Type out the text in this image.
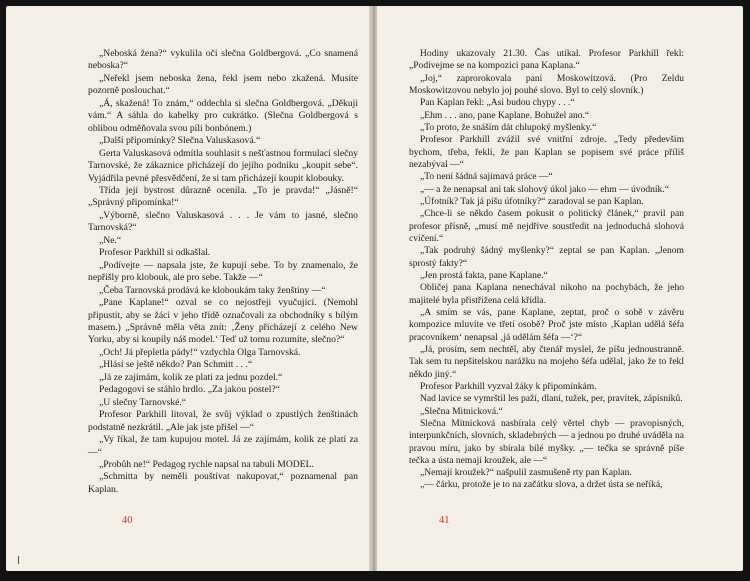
„Neboská žena?“ vykulila oči slečna Goldbergová. „Co snamená neboska?“
„Neřekl jsem neboska žena, řekl jsem nebo zkažená. Musíte pozorně poslouchat.“
„Á, skažená! To znám,“ oddechla si slečna Goldbergová. „Děkuji vám.“ A sáhla do kabelky pro cukrátko. (Slečna Goldbergová s oblibou odměňovala svou píli bonbónem.)
„Další připomínky? Slečna Valuskasová.“
Gerta Valuskasová odmítla souhlasit s nešťastnou formulací slečny Tarnovské, že zákaznice přicházejí do jejího podniku „koupit sebe“. Vyjádřila pevné přesvědčení, že si tam přicházejí koupit klobouky.
Třída její bystrost důrazně ocenila. „To je pravda!“ „Jásně!“ „Správný připomínka!“
„Výborně, slečno Valuskasová . . . Je vám to jasné, slečno Tarnovská?“
„Ne.“
Profesor Parkhill si odkašlal.
„Podívejte — napsala jste, že kupují sebe. To by znamenalo, že nepřišly pro klobouk, ale pro sebe. Takže —“
„Čeba Tarnovská prodává ke kloboukám taky ženštiny —“
„Pane Kaplane!“ ozval se co nejostřeji vyučující. (Nemohl připustit, aby se žáci v jeho třídě označovali za obchodníky s bílým masem.) „Správně měla věta znít: ‚Ženy přicházejí z celého New Yorku, aby si koupily náš model.‘ Teď už tomu rozumíte, slečno?“
„Och! Já přepletla pády!“ vzdychla Olga Tarnovská.
„Hlásí se ještě někdo? Pan Schmitt . . .“
„Já ze zajímám, kolik ze platí za jednu pozdel.“
Pedagogovi se stáhlo hrdlo. „Za jakou postel?“
„U slečny Tarnovské.“
Profesor Parkhill litoval, že svůj výklad o zpustlých ženštinách podstatně nezkrátil. „Ale jak jste přišel —“
„Vy říkal, že tam kupujou motel. Já ze zajímám, kolik ze platí za —“
„Probůh ne!“ Pedagog rychle napsal na tabuli MODEL.
„Schmitta by neměli pouštívat nakupovat,“ poznamenal pan Kaplan.
40
Hodiny ukazovaly 21.30. Čas utíkal. Profesor Parkhill řekl: „Podívejme se na kompozici pana Kaplana.“
„Joj,“ zaprorokovala paní Moskowitzová. (Pro Zeldu Moskowitzovou nebylo joj pouhé slovo. Byl to celý slovník.)
Pan Kaplan řekl: „Asi budou chypy . . .“
„Ehm . . . ano, pane Kaplane. Bohužel ano.“
„To proto, že snáším dát chlupoký myšlenky.“
Profesor Parkhill zvážil své vnitřní zdroje. „Tedy především bychom, třeba, řekli, že pan Kaplan se popisem své práce příliš nezabýval —“
„To není šádná sajímavá práce —“
„— a že nenapsal ani tak slohový úkol jako — ehm — úvodník.“
„Úfotník? Tak já píšu úfotníky?“ zaradoval se pan Kaplan.
„Chce-li se někdo časem pokusit o politický článek,“ pravil pan profesor přísně, „musí mě nejdříve soustředit na jednoduchá slohová cvičení.“
„Tak podruhý šádný myšlenky?“ zeptal se pan Kaplan. „Jenom sprostý fakty?“
„Jen prostá fakta, pane Kaplane.“
Obličej pana Kaplana nenechával nikoho na pochybách, že jeho majitelé byla přistřižena celá křídla.
„A smím se vás, pane Kaplane, zeptat, proč o sobě v závěru kompozice mluvíte ve třetí osobě? Proč jste místo ‚Kaplan udělá šéfa pracovníkem‘ nenapsal ‚já udělám šéfa —‘?“
„Já, prosím, sem nechtěl, aby čtenář myslel, že píšu jednoustranně. Tak sem tu nepšitelskou narážku na mojeho šéfa udělal, jako že to řekl někdo jiný.“
Profesor Parkhill vyzval žáky k připomínkám.
Nad lavice se vymrštil les paží, dlaní, tužek, per, pravítek, zápisníků.
„Slečna Mitnicková.“
Slečna Mitnicková nasbírala celý věrtel chyb — pravopisných, interpunkčních, slovních, skladebných — a jednou po druhé uváděla na pravou míru, jako by sbírala bílé myšky. „— tečka se správně píše tečka a ústa nemají kroužek, ale —“
„Nemají kroužek?“ našpulil zasmušeně rty pan Kaplan.
„— čárku, protože je to na začátku slova, a držet ústa se neříká,
41
